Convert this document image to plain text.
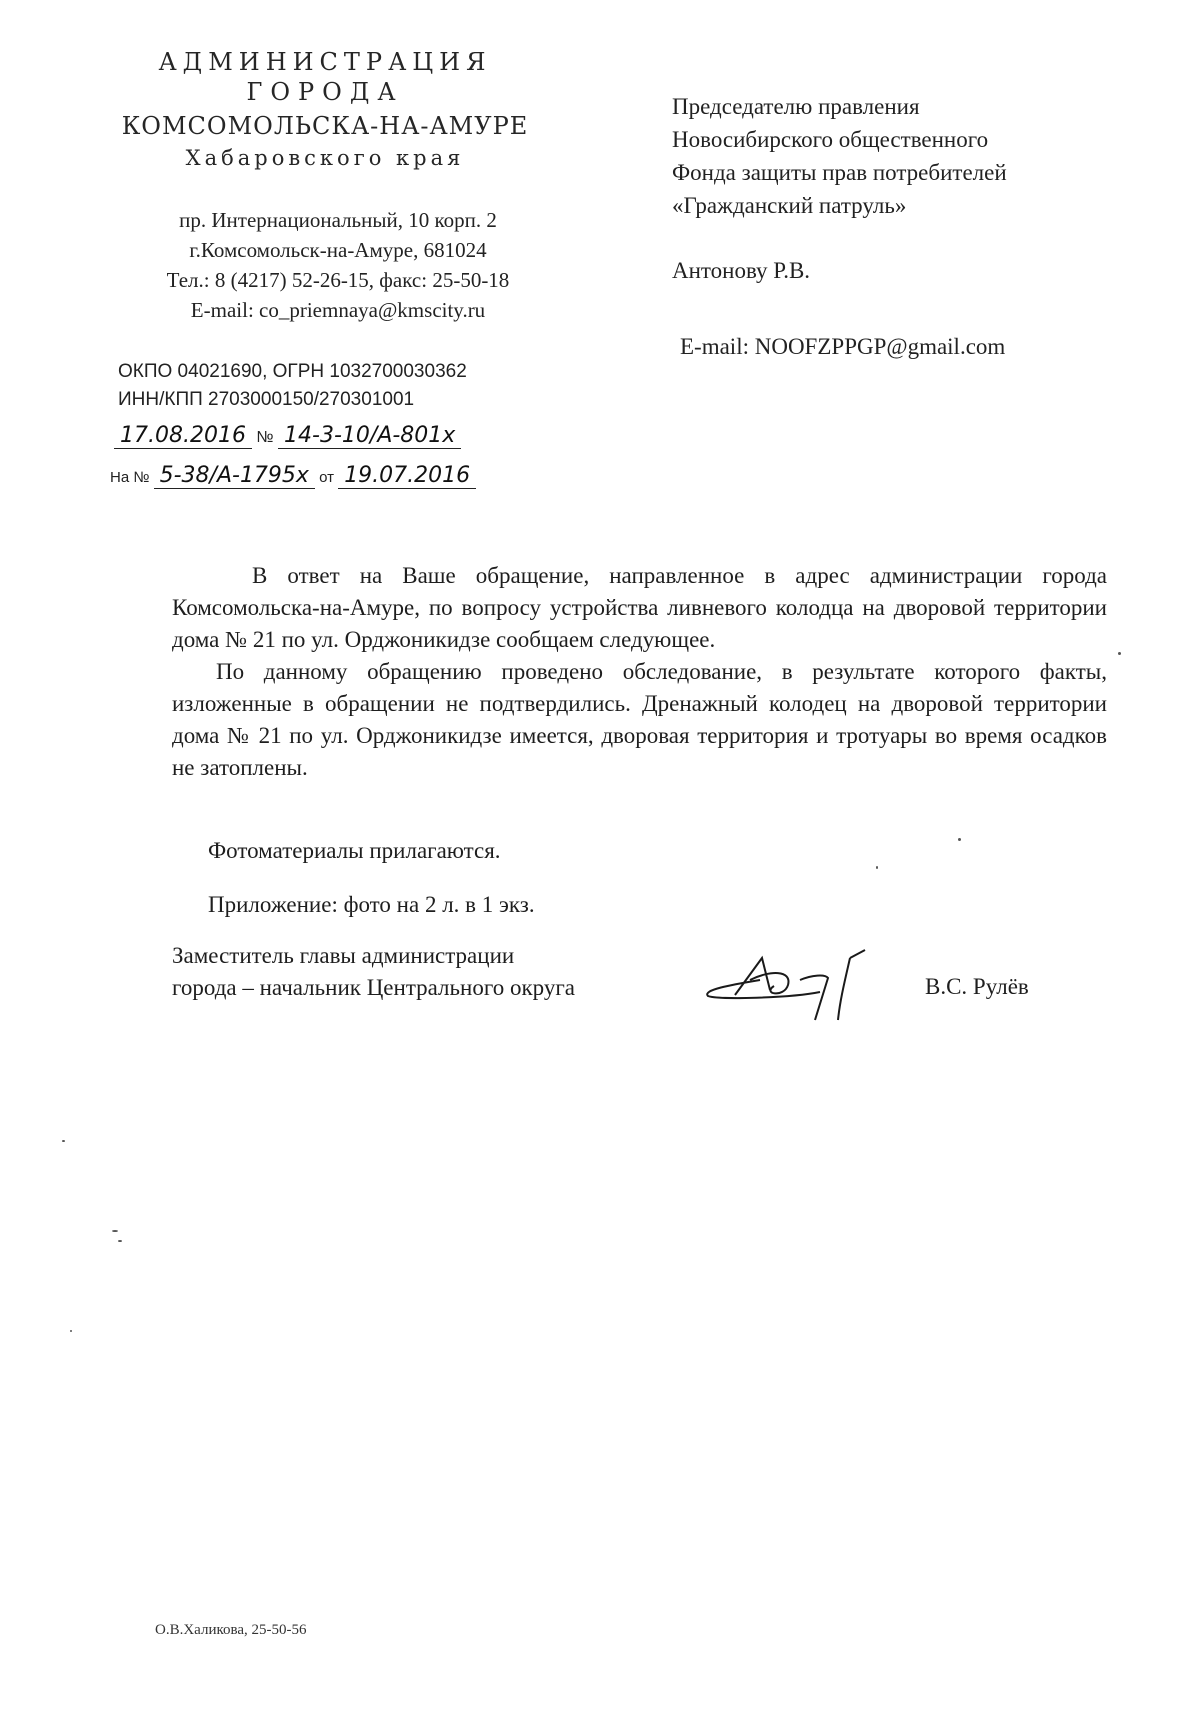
АДМИНИСТРАЦИЯ
ГОРОДА
КОМСОМОЛЬСКА-НА-АМУРЕ
Хабаровского края
пр. Интернациональный, 10 корп. 2
г.Комсомольск-на-Амуре, 681024
Тел.: 8 (4217) 52-26-15, факс: 25-50-18
E-mail: co_priemnaya@kmscity.ru
ОКПО 04021690, ОГРН 1032700030362
ИНН/КПП 2703000150/270301001
17.08.2016 № 14-3-10/А-801х
На № 5-38/А-1795х от 19.07.2016
Председателю правления
Новосибирского общественного
Фонда защиты прав потребителей
«Гражданский патруль»
Антонову Р.В.
E-mail: NOOFZPPGP@gmail.com

В ответ на Ваше обращение, направленное в адрес администрации города Комсомольска-на-Амуре, по вопросу устройства ливневого колодца на дворовой территории дома № 21 по ул. Орджоникидзе сообщаем следующее.

По данному обращению проведено обследование, в результате которого факты, изложенные в обращении не подтвердились. Дренажный колодец на дворовой территории дома № 21 по ул. Орджоникидзе имеется, дворовая территория и тротуары во время осадков не затоплены.

Фотоматериалы прилагаются.
Приложение: фото на 2 л. в 1 экз.
Заместитель главы администрации
города – начальник Центрального округа	В.С. Рулёв
О.В.Халикова, 25-50-56
